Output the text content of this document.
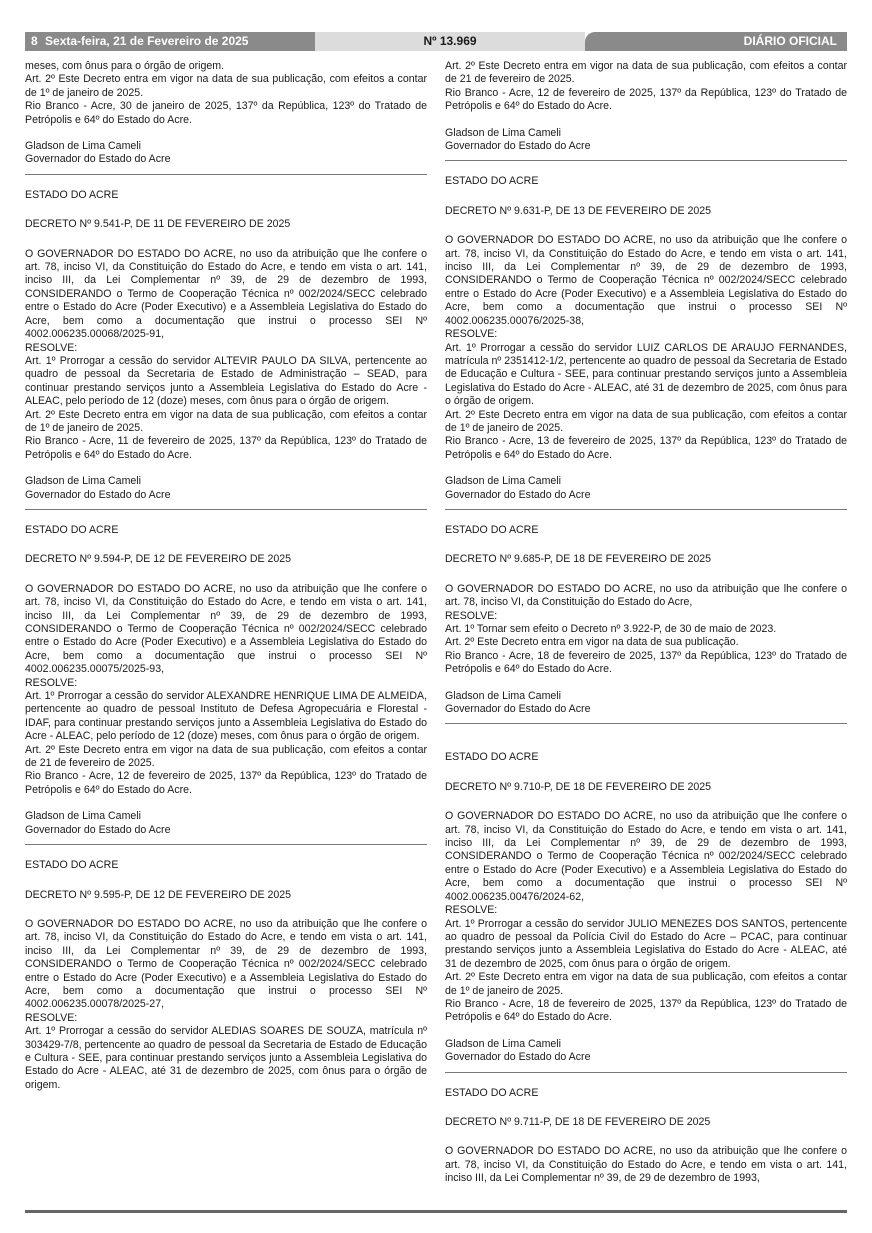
8 Sexta-feira, 21 de Fevereiro de 2025	Nº 13.969	DIÁRIO OFICIAL

meses, com ônus para o órgão de origem.

Art. 2º Este Decreto entra em vigor na data de sua publicação, com efeitos a contar de 1º de janeiro de 2025.

Rio Branco - Acre, 30 de janeiro de 2025, 137º da República, 123º do Tratado de Petrópolis e 64º do Estado do Acre.

Gladson de Lima Cameli

Governador do Estado do Acre

ESTADO DO ACRE

DECRETO Nº 9.541-P, DE 11 DE FEVEREIRO DE 2025

O GOVERNADOR DO ESTADO DO ACRE, no uso da atribuição que lhe confere o art. 78, inciso VI, da Constituição do Estado do Acre, e tendo em vista o art. 141, inciso III, da Lei Complementar nº 39, de 29 de dezembro de 1993, CONSIDERANDO o Termo de Cooperação Técnica nº 002/2024/SECC celebrado entre o Estado do Acre (Poder Executivo) e a Assembleia Legislativa do Estado do Acre, bem como a documentação que instrui o processo SEI Nº 4002.006235.00068/2025-91,

RESOLVE:

Art. 1º Prorrogar a cessão do servidor ALTEVIR PAULO DA SILVA, pertencente ao quadro de pessoal da Secretaria de Estado de Administração – SEAD, para continuar prestando serviços junto a Assembleia Legislativa do Estado do Acre - ALEAC, pelo período de 12 (doze) meses, com ônus para o órgão de origem.

Art. 2º Este Decreto entra em vigor na data de sua publicação, com efeitos a contar de 1º de janeiro de 2025.

Rio Branco - Acre, 11 de fevereiro de 2025, 137º da República, 123º do Tratado de Petrópolis e 64º do Estado do Acre.

Gladson de Lima Cameli

Governador do Estado do Acre

ESTADO DO ACRE

DECRETO Nº 9.594-P, DE 12 DE FEVEREIRO DE 2025

O GOVERNADOR DO ESTADO DO ACRE, no uso da atribuição que lhe confere o art. 78, inciso VI, da Constituição do Estado do Acre, e tendo em vista o art. 141, inciso III, da Lei Complementar nº 39, de 29 de dezembro de 1993, CONSIDERANDO o Termo de Cooperação Técnica nº 002/2024/SECC celebrado entre o Estado do Acre (Poder Executivo) e a Assembleia Legislativa do Estado do Acre, bem como a documentação que instrui o processo SEI Nº 4002.006235.00075/2025-93,

RESOLVE:

Art. 1º Prorrogar a cessão do servidor ALEXANDRE HENRIQUE LIMA DE ALMEIDA, pertencente ao quadro de pessoal Instituto de Defesa Agropecuária e Florestal - IDAF, para continuar prestando serviços junto a Assembleia Legislativa do Estado do Acre - ALEAC, pelo período de 12 (doze) meses, com ônus para o órgão de origem.

Art. 2º Este Decreto entra em vigor na data de sua publicação, com efeitos a contar de 21 de fevereiro de 2025.

Rio Branco - Acre, 12 de fevereiro de 2025, 137º da República, 123º do Tratado de Petrópolis e 64º do Estado do Acre.

Gladson de Lima Cameli

Governador do Estado do Acre

ESTADO DO ACRE

DECRETO Nº 9.595-P, DE 12 DE FEVEREIRO DE 2025

O GOVERNADOR DO ESTADO DO ACRE, no uso da atribuição que lhe confere o art. 78, inciso VI, da Constituição do Estado do Acre, e tendo em vista o art. 141, inciso III, da Lei Complementar nº 39, de 29 de dezembro de 1993, CONSIDERANDO o Termo de Cooperação Técnica nº 002/2024/SECC celebrado entre o Estado do Acre (Poder Executivo) e a Assembleia Legislativa do Estado do Acre, bem como a documentação que instrui o processo SEI Nº 4002.006235.00078/2025-27,

RESOLVE:

Art. 1º Prorrogar a cessão do servidor ALEDIAS SOARES DE SOUZA, matrícula nº 303429-7/8, pertencente ao quadro de pessoal da Secretaria de Estado de Educação e Cultura - SEE, para continuar prestando serviços junto a Assembleia Legislativa do Estado do Acre - ALEAC, até 31 de dezembro de 2025, com ônus para o órgão de origem.

Art. 2º Este Decreto entra em vigor na data de sua publicação, com efeitos a contar de 21 de fevereiro de 2025.

Rio Branco - Acre, 12 de fevereiro de 2025, 137º da República, 123º do Tratado de Petrópolis e 64º do Estado do Acre.

Gladson de Lima Cameli

Governador do Estado do Acre

ESTADO DO ACRE

DECRETO Nº 9.631-P, DE 13 DE FEVEREIRO DE 2025

O GOVERNADOR DO ESTADO DO ACRE, no uso da atribuição que lhe confere o art. 78, inciso VI, da Constituição do Estado do Acre, e tendo em vista o art. 141, inciso III, da Lei Complementar nº 39, de 29 de dezembro de 1993, CONSIDERANDO o Termo de Cooperação Técnica nº 002/2024/SECC celebrado entre o Estado do Acre (Poder Executivo) e a Assembleia Legislativa do Estado do Acre, bem como a documentação que instrui o processo SEI Nº 4002.006235.00076/2025-38,

RESOLVE:

Art. 1º Prorrogar a cessão do servidor LUIZ CARLOS DE ARAUJO FERNANDES, matrícula nº 2351412-1/2, pertencente ao quadro de pessoal da Secretaria de Estado de Educação e Cultura - SEE, para continuar prestando serviços junto a Assembleia Legislativa do Estado do Acre - ALEAC, até 31 de dezembro de 2025, com ônus para o órgão de origem.

Art. 2º Este Decreto entra em vigor na data de sua publicação, com efeitos a contar de 1º de janeiro de 2025.

Rio Branco - Acre, 13 de fevereiro de 2025, 137º da República, 123º do Tratado de Petrópolis e 64º do Estado do Acre.

Gladson de Lima Cameli

Governador do Estado do Acre

ESTADO DO ACRE

DECRETO Nº 9.685-P, DE 18 DE FEVEREIRO DE 2025

O GOVERNADOR DO ESTADO DO ACRE, no uso da atribuição que lhe confere o art. 78, inciso VI, da Constituição do Estado do Acre,

RESOLVE:

Art. 1º Tornar sem efeito o Decreto nº 3.922-P, de 30 de maio de 2023.

Art. 2º Este Decreto entra em vigor na data de sua publicação.

Rio Branco - Acre, 18 de fevereiro de 2025, 137º da República, 123º do Tratado de Petrópolis e 64º do Estado do Acre.

Gladson de Lima Cameli

Governador do Estado do Acre

ESTADO DO ACRE

DECRETO Nº 9.710-P, DE 18 DE FEVEREIRO DE 2025

O GOVERNADOR DO ESTADO DO ACRE, no uso da atribuição que lhe confere o art. 78, inciso VI, da Constituição do Estado do Acre, e tendo em vista o art. 141, inciso III, da Lei Complementar nº 39, de 29 de dezembro de 1993, CONSIDERANDO o Termo de Cooperação Técnica nº 002/2024/SECC celebrado entre o Estado do Acre (Poder Executivo) e a Assembleia Legislativa do Estado do Acre, bem como a documentação que instrui o processo SEI Nº 4002.006235.00476/2024-62,

RESOLVE:

Art. 1º Prorrogar a cessão do servidor JULIO MENEZES DOS SANTOS, pertencente ao quadro de pessoal da Polícia Civil do Estado do Acre – PCAC, para continuar prestando serviços junto a Assembleia Legislativa do Estado do Acre - ALEAC, até 31 de dezembro de 2025, com ônus para o órgão de origem.

Art. 2º Este Decreto entra em vigor na data de sua publicação, com efeitos a contar de 1º de janeiro de 2025.

Rio Branco - Acre, 18 de fevereiro de 2025, 137º da República, 123º do Tratado de Petrópolis e 64º do Estado do Acre.

Gladson de Lima Cameli

Governador do Estado do Acre

ESTADO DO ACRE

DECRETO Nº 9.711-P, DE 18 DE FEVEREIRO DE 2025

O GOVERNADOR DO ESTADO DO ACRE, no uso da atribuição que lhe confere o art. 78, inciso VI, da Constituição do Estado do Acre, e tendo em vista o art. 141, inciso III, da Lei Complementar nº 39, de 29 de dezembro de 1993,
